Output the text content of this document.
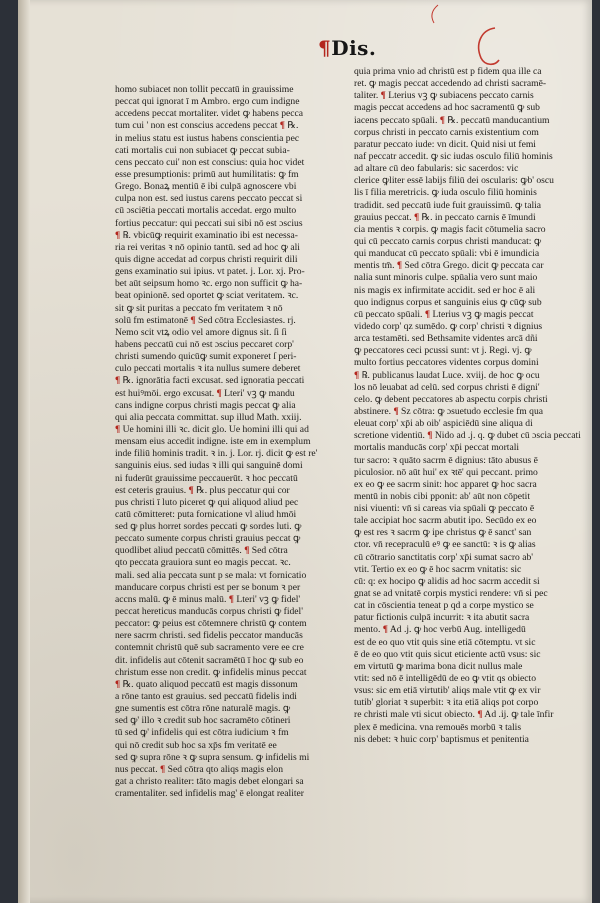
¶Dis.
homo subiacet non tollit peccatū in grauissime
peccat qui ignorat ī m Ambro. ergo cum indigne
accedens peccat mortaliter. videt ꝙ habens pecca
tum cui ' non est conscius accedens peccat ¶ ℞.
in melius statu est iustus habens conscientia pec
cati mortalis cui non subiacet ꝙ peccat subia-
cens peccato cui' non est conscius: quia hoc videt
esse presumptionis: primū aut humilitatis: ꝙ fm
Grego. Bonaꝝ mentiū ē ibi culpā agnoscere vbi
culpa non est. sed iustus carens peccato peccat si
cū ɔsciētia peccati mortalis accedat. ergo multo
fortius peccatur: qui peccati sui sibi nō est ɔscius
¶ ℞. vbicūꝙ requirit examinatio ibi est necessa-
ria rei veritas ꝛ nō opinio tantū. sed ad hoc ꝙ ali
quis digne accedat ad corpus christi requirit dili
gens examinatio sui ipius. vt patet. j. Lor. xj. Pro-
bet aūt seipsum homo ꝛc. ergo non sufficit ꝙ ha-
beat opinionē. sed oportet ꝙ sciat veritatem. ꝛc.
sit ꝙ sit puritas a peccato fm veritatem ꝛ nō
solū fm estimatonē ¶ Sed cōtra Ecclesiastes. rj.
Nemo scit vtꝝ odio vel amore dignus sit. ſi ſi
habens peccatū cui nō est ɔscius peccaret corp'
christi sumendo quicūꝙ sumit exponeret ſ peri-
culo peccati mortalis ꝛ ita nullus sumere deberet
¶ ℞. ignorātia facti excusat. sed ignoratia peccati
est huiꝰmōi. ergo excusat. ¶ Lteri' vꝫ ꝙ mandu
cans indigne corpus christi magis peccat ꝙ alia
qui alia peccata committat. sup illud Math. xxiij.
¶ Ue homini illi ꝛc. dicit glo. Ue homini illi qui ad
mensam eius accedit indigne. iste em in exemplum
inde filiū hominis tradit. ꝛ in. j. Lor. rj. dicit ꝙ est re'
sanguinis eius. sed iudas ꝛ illi qui sanguinē domi
ni fuderūt grauissime peccauerūt. ꝛ hoc peccatū
est ceteris grauius. ¶ ℞. plus peccatur qui cor
pus christi ī luto piceret ꝙ qui aliquod aliud pec
catū cōmitteret: puta fornicatione vl aliud hmōi
sed ꝙ plus horret sordes peccati ꝙ sordes luti. ꝙ
peccato sumente corpus christi grauius peccat ꝙ
quodlibet aliud peccatū cōmittēs. ¶ Sed cōtra
qto peccata grauiora sunt eo magis peccat. ꝛc.
mali. sed alia peccata sunt p se mala: vt fornicatio
manducare corpus christi est per se bonum ꝛ per
accns malū. ꝙ ē minus malū. ¶ Lteri' vꝫ ꝙ fidel'
peccat hereticus manducās corpus christi ꝙ fidel'
peccator: ꝙ peius est cōtemnere christū ꝙ contem
nere sacrm christi. sed fidelis peccator manducās
contemnit christū quē sub sacramento vere ee cre
dit. infidelis aut cōtenit sacramētū ī hoc ꝙ sub eo
christum esse non credit. ꝙ infidelis minus peccat
¶ ℞. quato aliquod peccatū est magis dissonum
a rōne tanto est grauius. sed peccatū fidelis indi
gne sumentis est cōtra rōne naturalē magis. ꝙ
sed ꝙ' illo ꝛ credit sub hoc sacramēto cōtineri
tū sed ꝙ' infidelis qui est cōtra iudicium ꝛ fm
qui nō credit sub hoc sa xp̄s fm veritatē ee
sed ꝙ supra rōne ꝛ ꝙ supra sensum. ꝙ infidelis mi
nus peccat. ¶ Sed cōtra qto aliqs magis elon
gat a christo realiter: tāto magis debet elongari sa
cramentaliter. sed infidelis mag' ē elongat realiter
quia prima vnio ad christū est p fidem qua ille ca
ret. ꝙ magis peccat accedendo ad christi sacramē-
taliter. ¶ Lterius vꝫ ꝙ subiacens peccato carnis
magis peccat accedens ad hoc sacramentū ꝙ sub
iacens peccato spūali. ¶ ℞. peccatū manducantium
corpus christi in peccato carnis existentium com
paratur peccato iude: vn dicit. Quid nisi ut femi
naf peccatr accedit. ꝙ sic iudas osculo filiū hominis
ad altare cū deo fabularis: sic sacerdos: vic
clerice ꝙliter essē labijs filiū dei oscularis: ꝙb' oscu
lis ī filia meretricis. ꝙ iuda osculo filiū hominis
tradidit. sed peccatū iude fuit grauissimū. ꝙ talia
grauius peccat. ¶ ℞. in peccato carnis ē īmundi
cia mentis ꝛ corpis. ꝙ magis facit cōtumelia sacro
qui cū peccato carnis corpus christi manducat: ꝙ
qui manducat cū peccato spūali: vbi ē imundicia
mentis tm̄. ¶ Sed cōtra Grego. dicit ꝙ peccata car
nalia sunt minoris culpe. spūalia vero sunt maio
nis magis ex infirmitate accidit. sed er hoc ē ali
quo indignus corpus et sanguinis eius ꝙ cūꝙ sub
cū peccato spūali. ¶ Lterius vꝫ ꝙ magis peccat
videdo corp' qz sumēdo. ꝙ corp' christi ꝛ dignius
arca testamēti. sed Bethsamite videntes arcā dñi
ꝙ peccatores ceci pcussi sunt: vt j. Regi. vj. ꝙ
multo fortius peccatores videntes corpus domini
¶ ℞. publicanus laudat Luce. xviij. de hoc ꝙ ocu
los nō leuabat ad celū. sed corpus christi ē digni'
celo. ꝙ debent peccatores ab aspectu corpis christi
abstinere. ¶ Sz cōtra: ꝙ ɔsuetudo ecclesie fm qua
eleuat corp' xp̄i ab oib' aspiciēdū sine aliqua di
scretione videntiū. ¶ Nido ad .j. q. ꝙ dubet cū ɔscia peccati
mortalis manducās corp' xp̄i peccat mortali
tur sacro: ꝛ quāto sacrm ē dignius: tāto abusus ē
piculosior. nō aūt hui' ex ꝛtē' qui peccant. primo
ex eo ꝙ ee sacrm sinit: hoc apparet ꝙ hoc sacra
mentū in nobis cibi pponit: ab' aūt non cōpetit
nisi viuenti: vn̄ si careas via spūali ꝙ peccato ē
tale accipiat hoc sacrm abutit ipo. Secūdo ex eo
ꝙ est res ꝛ sacrm ꝙ ipe christus ꝙ ē sanct' san
ctor. vn̄ recepraculū eꝰ ꝙ ee sanctū: ꝛ is ꝙ alias
cū cōtrario sanctitatis corp' xp̄i sumat sacro ab'
vtit. Tertio ex eo ꝙ ē hoc sacrm vnitatis: sic
cū: q: ex hocipo ꝙ alidis ad hoc sacrm accedit si
gnat se ad vnitatē corpis mystici rendere: vn̄ si pec
cat in cōscientia teneat p qd a corpe mystico se
patur fictionis culpā incurrit: ꝛ ita abutit sacra
mento. ¶ Ad .j. ꝙ hoc verbū Aug. intelligedū
est de eo quo vtit quis sine etiā cōtemptu. vt sic
ē de eo quo vtit quis sicut eticiente actū vsus: sic
em virtutū ꝙ marima bona dicit nullus male
vtit: sed nō ē intelligēdū de eo ꝙ vtit qs obiecto
vsus: sic em etiā virtutib' aliqs male vtit ꝙ ex vir
tutib' gloriat ꝛ superbit: ꝛ ita etiā aliqs pot corpo
re christi male vti sicut obiecto. ¶ Ad .ij. ꝙ tale īnfir
plex ē medicina. vna remouēs morbū ꝛ talis
nis debet: ꝛ huic corp' baptismus et penitentia
